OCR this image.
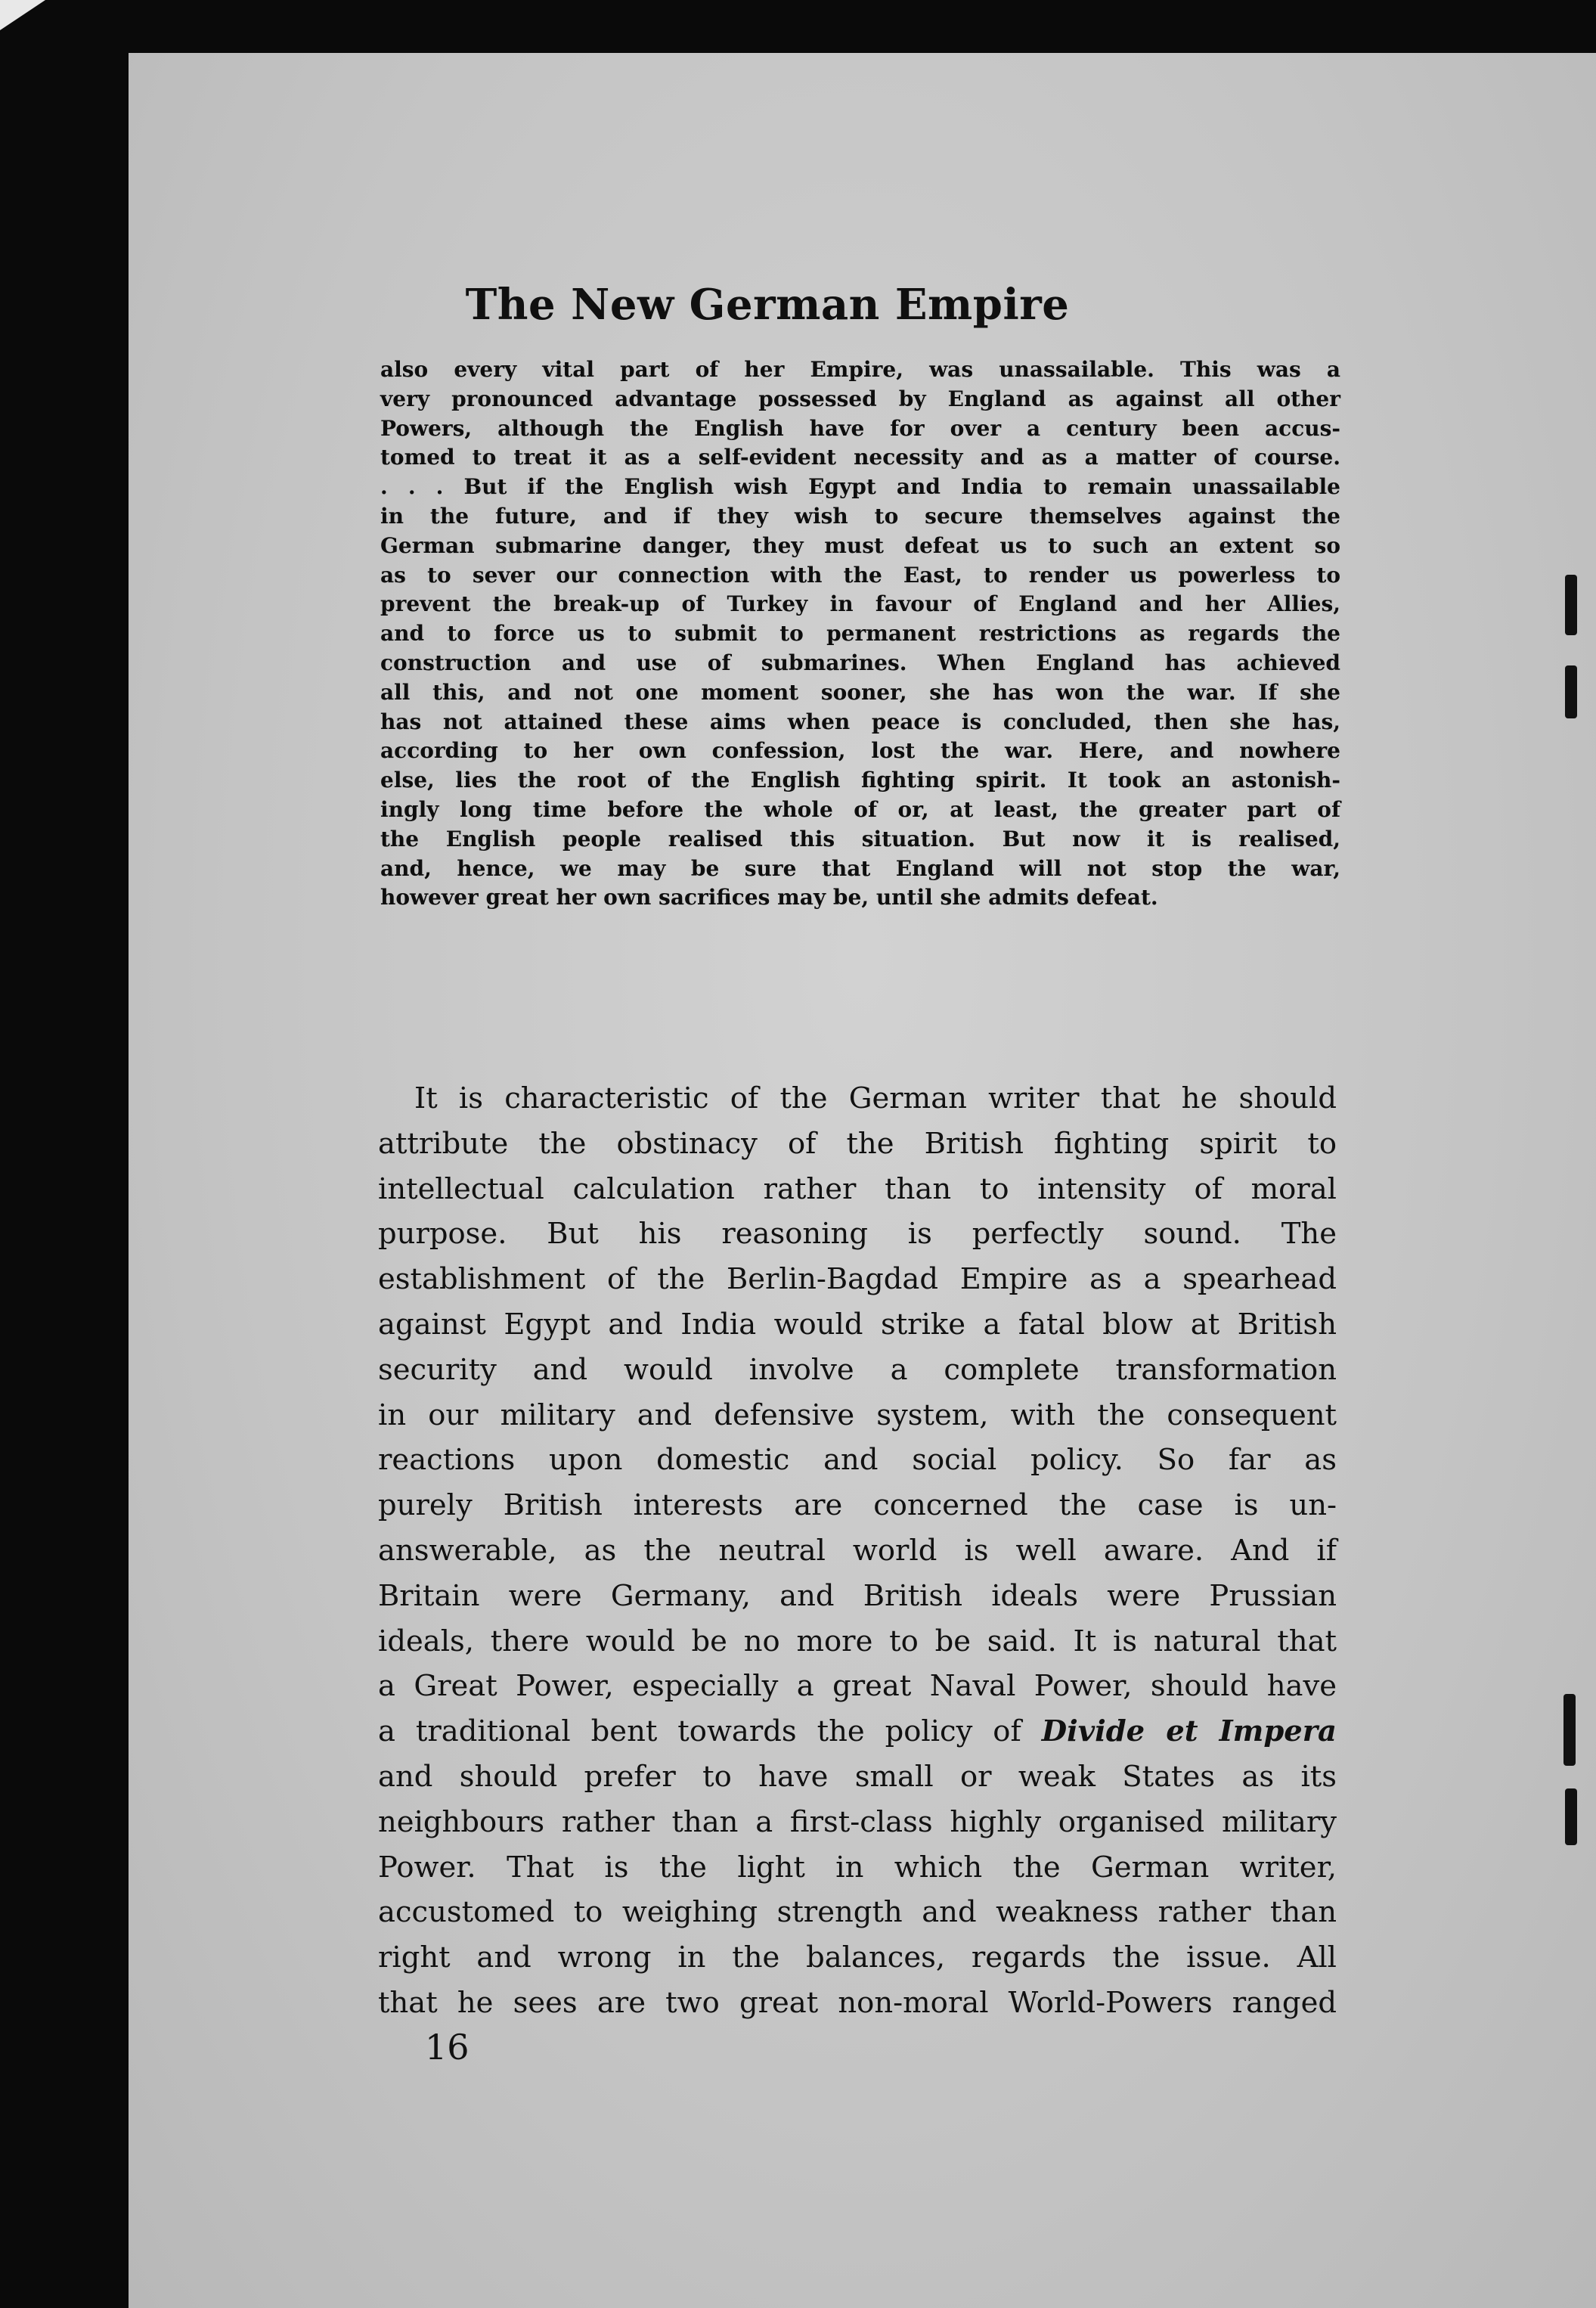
The New German Empire
also every vital part of her Empire, was unassailable. This was a
very pronounced advantage possessed by England as against all other
Powers, although the English have for over a century been accus-
tomed to treat it as a self-evident necessity and as a matter of course.
. . . But if the English wish Egypt and India to remain unassailable
in the future, and if they wish to secure themselves against the
German submarine danger, they must defeat us to such an extent so
as to sever our connection with the East, to render us powerless to
prevent the break-up of Turkey in favour of England and her Allies,
and to force us to submit to permanent restrictions as regards the
construction and use of submarines. When England has achieved
all this, and not one moment sooner, she has won the war. If she
has not attained these aims when peace is concluded, then she has,
according to her own confession, lost the war. Here, and nowhere
else, lies the root of the English fighting spirit. It took an astonish-
ingly long time before the whole of or, at least, the greater part of
the English people realised this situation. But now it is realised,
and, hence, we may be sure that England will not stop the war,
however great her own sacrifices may be, until she admits defeat.
It is characteristic of the German writer that he should
attribute the obstinacy of the British fighting spirit to
intellectual calculation rather than to intensity of moral
purpose. But his reasoning is perfectly sound. The
establishment of the Berlin-Bagdad Empire as a spearhead
against Egypt and India would strike a fatal blow at British
security and would involve a complete transformation
in our military and defensive system, with the consequent
reactions upon domestic and social policy. So far as
purely British interests are concerned the case is un-
answerable, as the neutral world is well aware. And if
Britain were Germany, and British ideals were Prussian
ideals, there would be no more to be said. It is natural that
a Great Power, especially a great Naval Power, should have
a traditional bent towards the policy of Divide et Impera
and should prefer to have small or weak States as its
neighbours rather than a first-class highly organised military
Power. That is the light in which the German writer,
accustomed to weighing strength and weakness rather than
right and wrong in the balances, regards the issue. All
that he sees are two great non-moral World-Powers ranged

16
